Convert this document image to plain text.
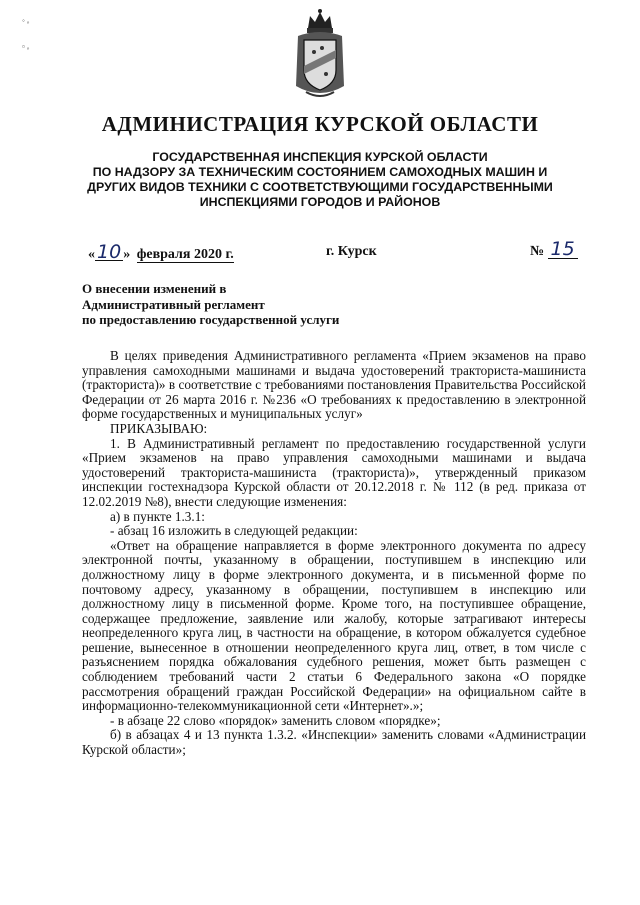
◦ ₒ
▫ ₒ
АДМИНИСТРАЦИЯ КУРСКОЙ ОБЛАСТИ
ГОСУДАРСТВЕННАЯ ИНСПЕКЦИЯ КУРСКОЙ ОБЛАСТИ
ПО НАДЗОРУ ЗА ТЕХНИЧЕСКИМ СОСТОЯНИЕМ САМОХОДНЫХ МАШИН И
ДРУГИХ ВИДОВ ТЕХНИКИ С СООТВЕТСТВУЮЩИМИ ГОСУДАРСТВЕННЫМИ
ИНСПЕКЦИЯМИ ГОРОДОВ И РАЙОНОВ
« 10 » февраля 2020 г.	г. Курск	№ 15
О внесении изменений в
Административный регламент
по предоставлению государственной услуги

В целях приведения Административного регламента «Прием экзаменов на право управления самоходными машинами и выдача удостоверений тракториста-машиниста (тракториста)» в соответствие с требованиями постановления Правительства Российской Федерации от 26 марта 2016 г. №236 «О требованиях к предоставлению в электронной форме государственных и муниципальных услуг»

ПРИКАЗЫВАЮ:

1. В Административный регламент по предоставлению государственной услуги «Прием экзаменов на право управления самоходными машинами и выдача удостоверений тракториста-машиниста (тракториста)», утвержденный приказом инспекции гостехнадзора Курской области от 20.12.2018 г. № 112 (в ред. приказа от 12.02.2019 №8), внести следующие изменения:

а) в пункте 1.3.1:

- абзац 16 изложить в следующей редакции:

«Ответ на обращение направляется в форме электронного документа по адресу электронной почты, указанному в обращении, поступившем в инспекцию или должностному лицу в форме электронного документа, и в письменной форме по почтовому адресу, указанному в обращении, поступившем в инспекцию или должностному лицу в письменной форме. Кроме того, на поступившее обращение, содержащее предложение, заявление или жалобу, которые затрагивают интересы неопределенного круга лиц, в частности на обращение, в котором обжалуется судебное решение, вынесенное в отношении неопределенного круга лиц, ответ, в том числе с разъяснением порядка обжалования судебного решения, может быть размещен с соблюдением требований части 2 статьи 6 Федерального закона «О порядке рассмотрения обращений граждан Российской Федерации» на официальном сайте в информационно-телекоммуникационной сети «Интернет».»;

- в абзаце 22 слово «порядок» заменить словом «порядке»;

б) в абзацах 4 и 13 пункта 1.3.2. «Инспекции» заменить словами «Администрации Курской области»;
